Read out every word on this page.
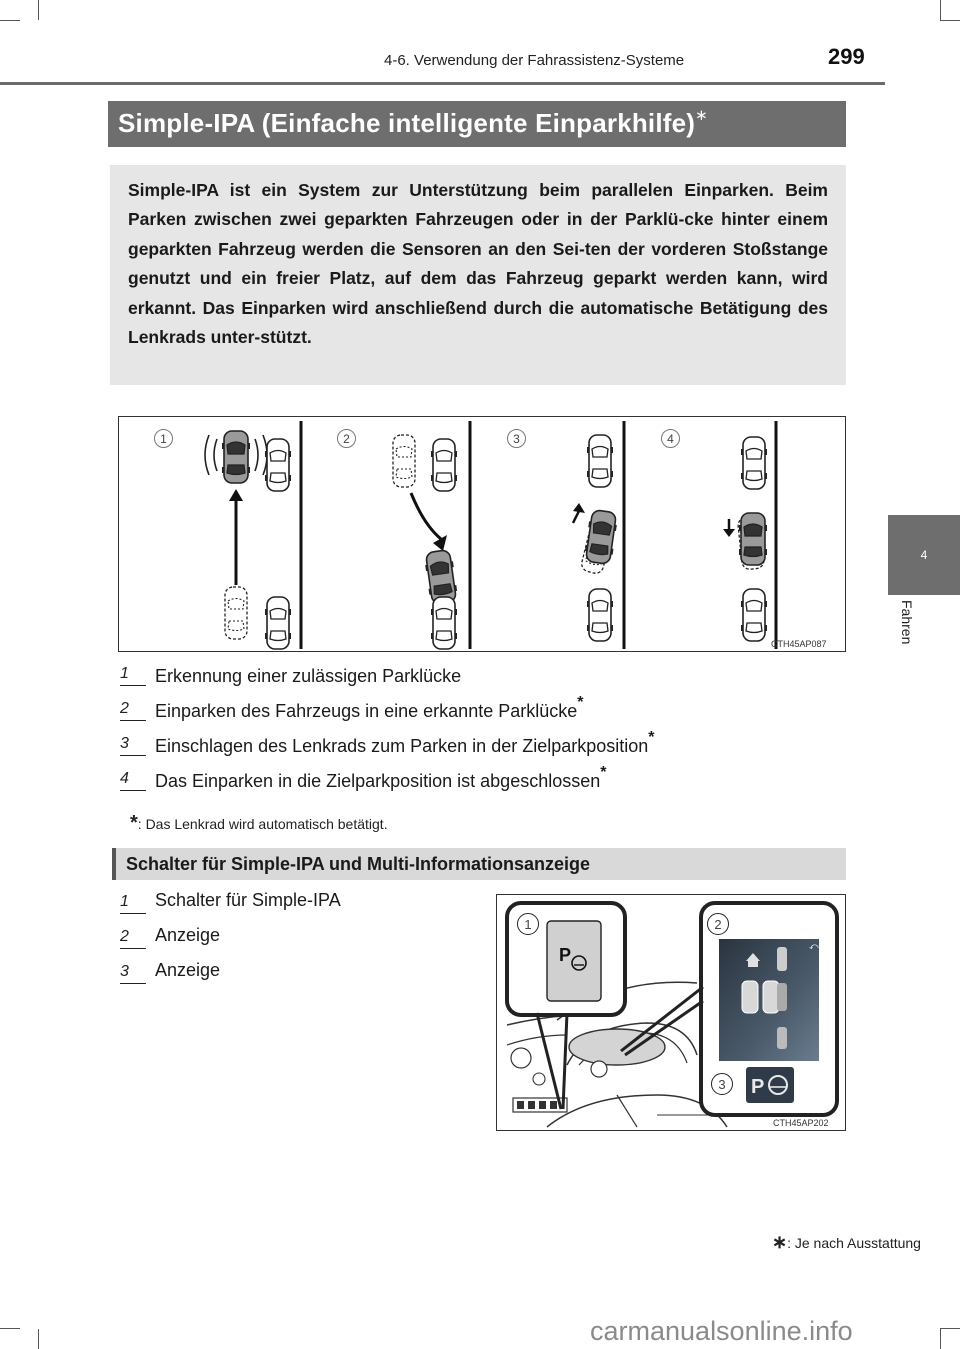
4-6. Verwendung der Fahrassistenz-Systeme	299
4
Fahren
Simple-IPA (Einfache intelligente Einparkhilfe)∗
Simple-IPA ist ein System zur Unterstützung beim parallelen Einparken. Beim Parken zwischen zwei geparkten Fahrzeugen oder in der Parklü-cke hinter einem geparkten Fahrzeug werden die Sensoren an den Sei-ten der vorderen Stoßstange genutzt und ein freier Platz, auf dem das Fahrzeug geparkt werden kann, wird erkannt. Das Einparken wird anschließend durch die automatische Betätigung des Lenkrads unter-stützt.
1	2	3	4
CTH45AP087
1	Erkennung einer zulässigen Parklücke
2	Einparken des Fahrzeugs in eine erkannte Parklücke*
3	Einschlagen des Lenkrads zum Parken in der Zielparkposition*
4	Das Einparken in die Zielparkposition ist abgeschlossen*
*: Das Lenkrad wird automatisch betätigt.
Schalter für Simple-IPA und Multi-Informationsanzeige
1	Schalter für Simple-IPA
2	Anzeige
3	Anzeige
P	⤺
P
1	2
3
CTH45AP202
∗: Je nach Ausstattung
carmanualsonline.info
